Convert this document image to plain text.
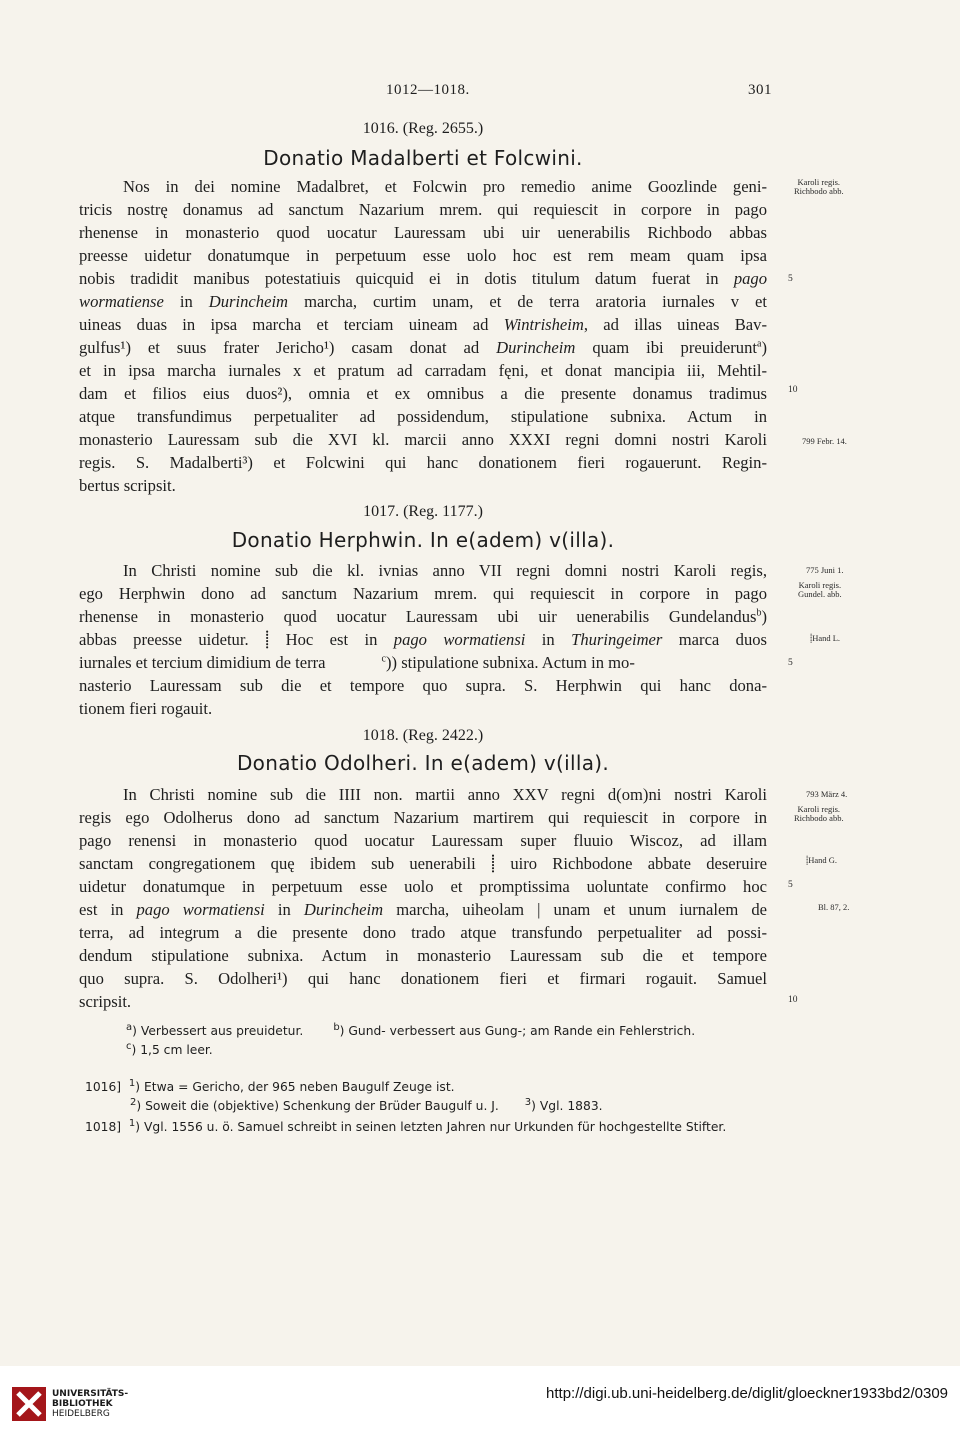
1012—1018.	301
1016. (Reg. 2655.)
Donatio Madalberti et Folcwini.
Nos in dei nomine Madalbret, et Folcwin pro remedio anime Goozlinde geni-
tricis nostrę donamus ad sanctum Nazarium mrem. qui requiescit in corpore in pago
rhenense in monasterio quod uocatur Lauressam ubi uir uenerabilis Richbodo abbas
preesse uidetur donatumque in perpetuum esse uolo hoc est rem meam quam ipsa
nobis tradidit manibus potestatiuis quicquid ei in dotis titulum datum fuerat in pago
wormatiense in Durincheim marcha, curtim unam, et de terra aratoria iurnales v et
uineas duas in ipsa marcha et terciam uineam ad Wintrisheim, ad illas uineas Bav-
gulfus¹) et suus frater Jericho¹) casam donat ad Durincheim quam ibi preuiderunt$^a$)
et in ipsa marcha iurnales x et pratum ad carradam fęni, et donat mancipia iii, Mehtil-
dam et filios eius duos²), omnia et ex omnibus a die presente donamus tradimus
atque transfundimus perpetualiter ad possidendum, stipulatione subnixa. Actum in
monasterio Lauressam sub die XVI kl. marcii anno XXXI regni domni nostri Karoli
regis. S. Madalberti³) et Folcwini qui hanc donationem fieri rogauerunt. Regin-
bertus scripsit.
Karoli regis.
Richbodo abb.
799 Febr. 14.
5
10
1017. (Reg. 1177.)
Donatio Herphwin. In e(adem) v(illa).
In Christi nomine sub die kl. ivnias anno VII regni domni nostri Karoli regis,
ego Herphwin dono ad sanctum Nazarium mrem. qui requiescit in corpore in pago
rhenense in monasterio quod uocatur Lauressam ubi uir uenerabilis Gundelandus$^b$)
abbas preesse uidetur. ⸽ Hoc est in pago wormatiensi in Thuringeimer marca duos
iurnales et tercium dimidium de terra	$^c$)) stipulatione subnixa. Actum in mo-
nasterio Lauressam sub die et tempore quo supra. S. Herphwin qui hanc dona-
tionem fieri rogauit.
775 Juni 1.
Karoli regis.
Gundel. abb.
⸽Hand L.
5
1018. (Reg. 2422.)
Donatio Odolheri. In e(adem) v(illa).
In Christi nomine sub die IIII non. martii anno XXV regni d(om)ni nostri Karoli
regis ego Odolherus dono ad sanctum Nazarium martirem qui requiescit in corpore in
pago renensi in monasterio quod uocatur Lauressam super fluuio Wiscoz, ad illam
sanctam congregationem quę ibidem sub uenerabili ⸽ uiro Richbodone abbate deseruire
uidetur donatumque in perpetuum esse uolo et promptissima uoluntate confirmo hoc
est in pago wormatiensi in Durincheim marcha, uiheolam | unam et unum iurnalem de
terra, ad integrum a die presente dono trado atque transfundo perpetualiter ad possi-
dendum stipulatione subnixa. Actum in monasterio Lauressam sub die et tempore
quo supra. S. Odolheri¹) qui hanc donationem fieri et firmari rogauit. Samuel
scripsit.
793 März 4.
Karoli regis.
Richbodo abb.
⸽Hand G.
Bl. 87, 2.
5
10
$^a$) Verbessert aus preuidetur.	$^b$) Gund- verbessert aus Gung-; am Rande ein Fehlerstrich.
$^c$) 1,5 cm leer.
1016] $^1$) Etwa = Gericho, der 965 neben Baugulf Zeuge ist.
$^2$) Soweit die (objektive) Schenkung der Brüder Baugulf u. J.	$^3$) Vgl. 1883.
1018] $^1$) Vgl. 1556 u. ö. Samuel schreibt in seinen letzten Jahren nur Urkunden für hochgestellte Stifter.
UNIVERSITÄTS-
BIBLIOTHEK
HEIDELBERG
http://digi.ub.uni-heidelberg.de/diglit/gloeckner1933bd2/0309
